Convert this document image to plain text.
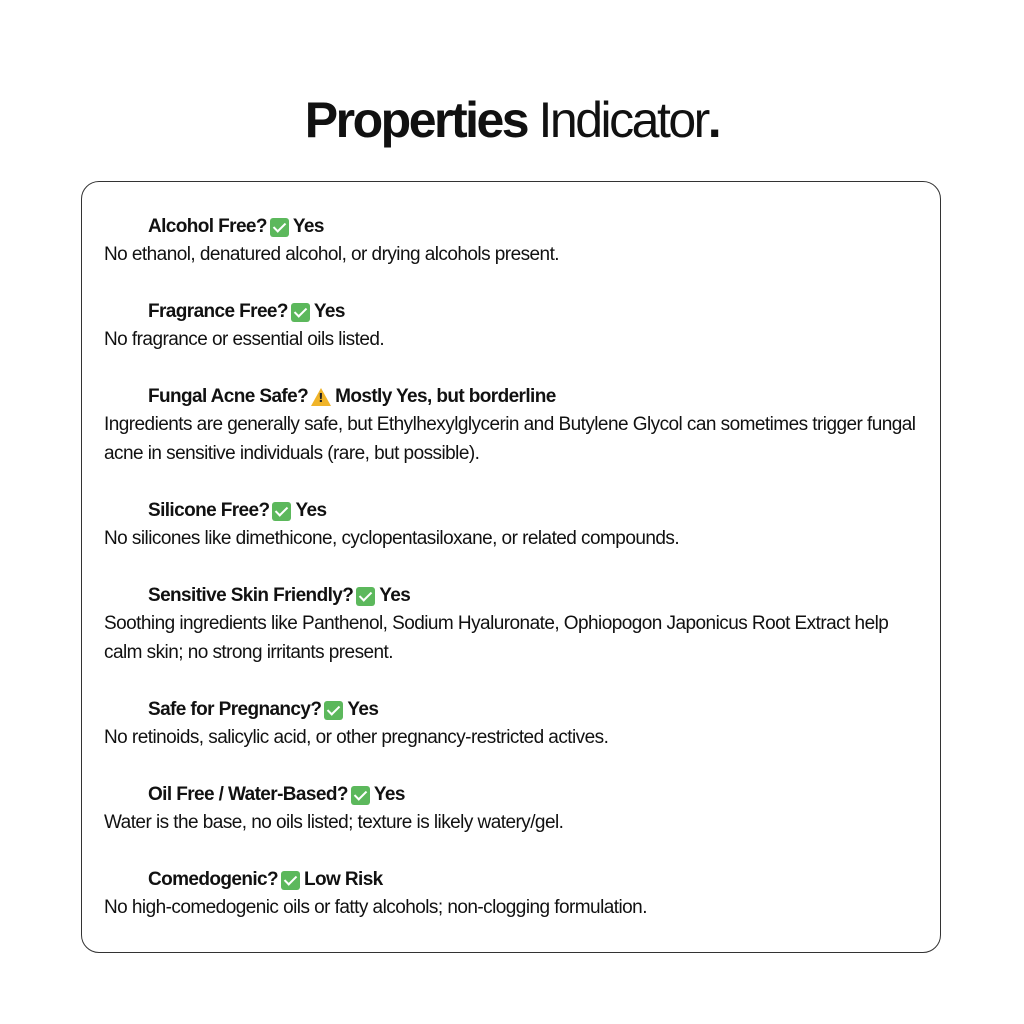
Properties Indicator.
Alcohol Free? Yes
No ethanol, denatured alcohol, or drying alcohols present.
Fragrance Free? Yes
No fragrance or essential oils listed.
Fungal Acne Safe?
! Mostly Yes, but borderline
Ingredients are generally safe, but Ethylhexylglycerin and Butylene Glycol can sometimes trigger fungal acne in sensitive individuals (rare, but possible).
Silicone Free? Yes
No silicones like dimethicone, cyclopentasiloxane, or related compounds.
Sensitive Skin Friendly? Yes
Soothing ingredients like Panthenol, Sodium Hyaluronate, Ophiopogon Japonicus Root Extract help calm skin; no strong irritants present.
Safe for Pregnancy? Yes
No retinoids, salicylic acid, or other pregnancy-restricted actives.
Oil Free / Water-Based? Yes
Water is the base, no oils listed; texture is likely watery/gel.
Comedogenic? Low Risk
No high-comedogenic oils or fatty alcohols; non-clogging formulation.
